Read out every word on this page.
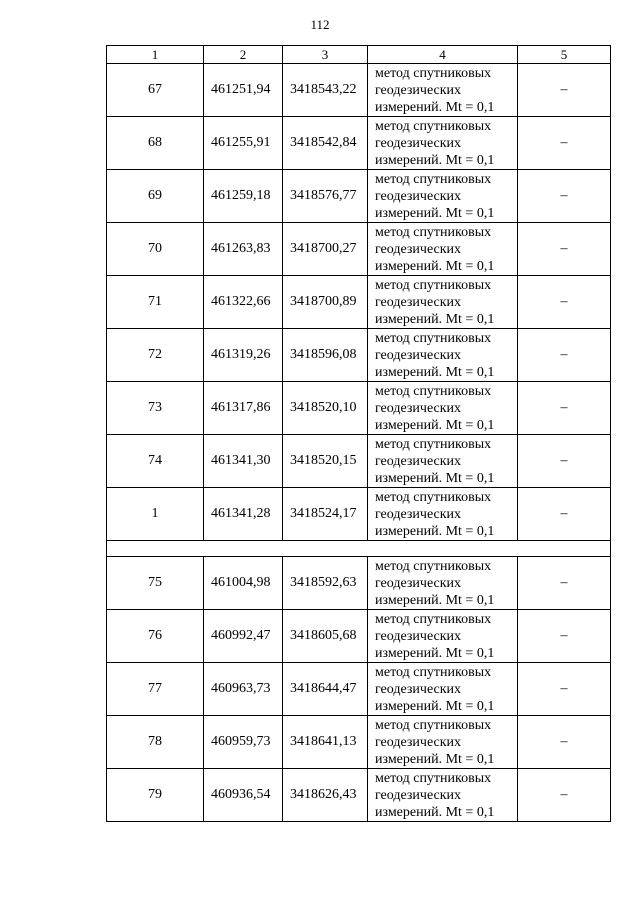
112
1	2	3	4	5
67	461251,94	3418543,22	метод спутниковых
геодезических
измерений. Mt = 0,1	–
68	461255,91	3418542,84	метод спутниковых
геодезических
измерений. Mt = 0,1	–
69	461259,18	3418576,77	метод спутниковых
геодезических
измерений. Mt = 0,1	–
70	461263,83	3418700,27	метод спутниковых
геодезических
измерений. Mt = 0,1	–
71	461322,66	3418700,89	метод спутниковых
геодезических
измерений. Mt = 0,1	–
72	461319,26	3418596,08	метод спутниковых
геодезических
измерений. Mt = 0,1	–
73	461317,86	3418520,10	метод спутниковых
геодезических
измерений. Mt = 0,1	–
74	461341,30	3418520,15	метод спутниковых
геодезических
измерений. Mt = 0,1	–
1	461341,28	3418524,17	метод спутниковых
геодезических
измерений. Mt = 0,1	–

75	461004,98	3418592,63	метод спутниковых
геодезических
измерений. Mt = 0,1	–
76	460992,47	3418605,68	метод спутниковых
геодезических
измерений. Mt = 0,1	–
77	460963,73	3418644,47	метод спутниковых
геодезических
измерений. Mt = 0,1	–
78	460959,73	3418641,13	метод спутниковых
геодезических
измерений. Mt = 0,1	–
79	460936,54	3418626,43	метод спутниковых
геодезических
измерений. Mt = 0,1	–
